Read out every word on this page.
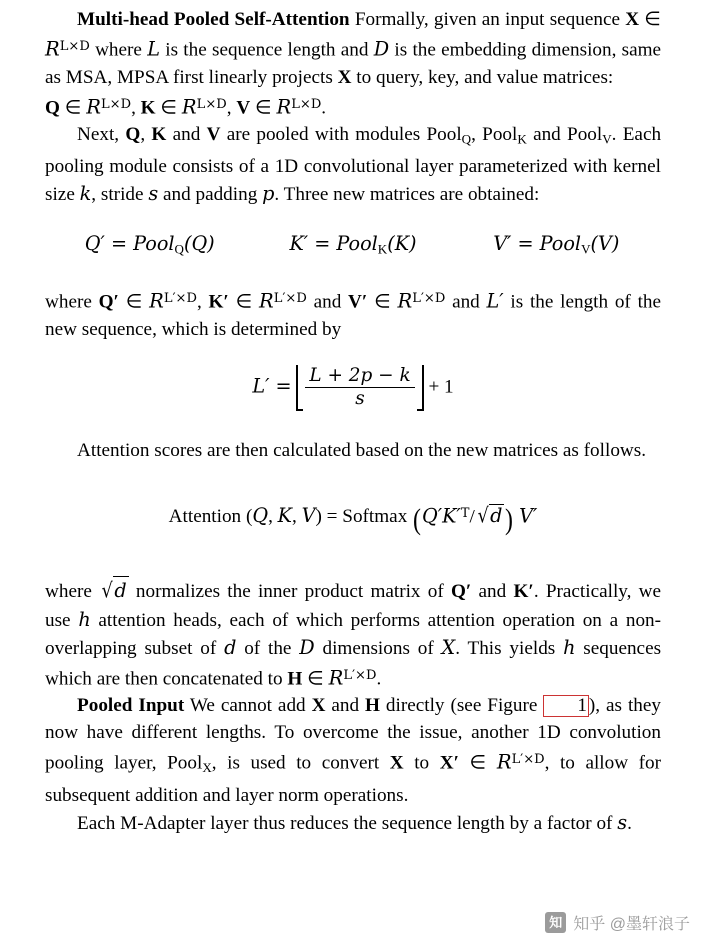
Multi-head Pooled Self-Attention Formally, given an input sequence X ∈ $R^{L\times D}$ where L is the sequence length and D is the embedding dimension, same as MSA, MPSA first linearly projects X to query, key, and value matrices:

Q ∈ $R^{L\times D}$, K ∈ $R^{L\times D}$, V ∈ $R^{L\times D}$.

Next, Q, K and V are pooled with modules Pool$_Q$, Pool$_K$ and Pool$_V$. Each pooling module consists of a 1D convolutional layer parameterized with kernel size k, stride s and padding p. Three new matrices are obtained:

Q′ = Pool$_Q$(Q)	K′ = Pool$_K$(K)	V′ = Pool$_V$(V)

where Q′ ∈ $R^{L'\times D}$, K′ ∈ $R^{L'\times D}$ and V′ ∈ $R^{L'\times D}$ and L′ is the length of the new sequence, which is determined by

$L' = \frac{L + 2p - k}{s} + 1$

Attention scores are then calculated based on the new matrices as follows.

Attention (Q, K, V) = Softmax ($Q'K'^T/$ √d ) V′

where √d normalizes the inner product matrix of Q′ and K′. Practically, we use h attention heads, each of which performs attention operation on a non-overlapping subset of d of the D dimensions of X. This yields h sequences which are then concatenated to H ∈ $R^{L'\times D}$.

Pooled Input We cannot add X and H directly (see Figure 1 ), as they now have different lengths. To overcome the issue, another 1D convolution pooling layer, Pool$_X$, is used to convert X to X′ ∈ $R^{L'\times D}$, to allow for subsequent addition and layer norm operations.

Each M-Adapter layer thus reduces the sequence length by a factor of s.

知 知乎 @墨轩浪子
